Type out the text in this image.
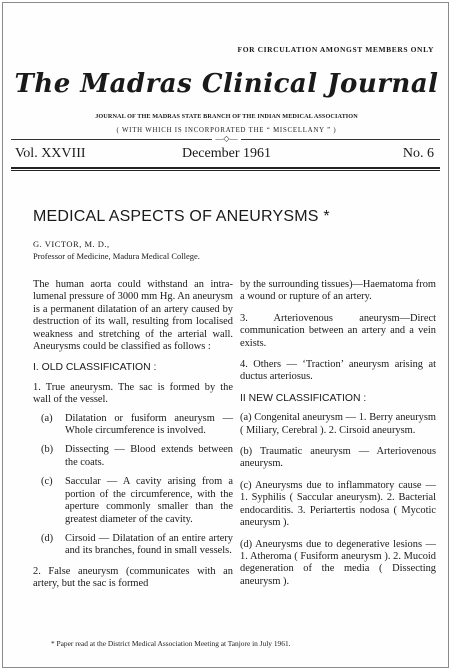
FOR CIRCULATION AMONGST MEMBERS ONLY
The Madras Clinical Journal
JOURNAL OF THE MADRAS STATE BRANCH OF THE INDIAN MEDICAL ASSOCIATION
( WITH WHICH IS INCORPORATED THE “ MISCELLANY ” )
—◇—
Vol. XXVIII	December 1961	No. 6
MEDICAL ASPECTS OF ANEURYSMS *
G. VICTOR, M. D.,
Professor of Medicine, Madura Medical College.

The human aorta could withstand an intra-lumenal pressure of 3000 mm Hg. An aneurysm is a permanent dilatation of an artery caused by destruction of its wall, resulting from localised weakness and stretching of the arterial wall. Aneurysms could be classified as follows :

I. OLD CLASSIFICATION :

1. True aneurysm. The sac is formed by the wall of the vessel.

(a)	Dilatation or fusiform aneurysm — Whole circumference is involved.
(b)	Dissecting — Blood extends between the coats.
(c)	Saccular — A cavity arising from a portion of the circumference, with the aperture commonly smaller than the greatest diameter of the cavity.
(d)	Cirsoid — Dilatation of an entire artery and its branches, found in small vessels.

2. False aneurysm (communicates with an artery, but the sac is formed

by the surrounding tissues)—Haematoma from a wound or rupture of an artery.

3. Arteriovenous aneurysm—Direct communication between an artery and a vein exists.

4. Others — ‘Traction’ aneurysm arising at ductus arteriosus.

II NEW CLASSIFICATION :

(a) Congenital aneurysm — 1. Berry aneurysm ( Miliary, Cerebral ). 2. Cirsoid aneurysm.

(b) Traumatic aneurysm — Arteriovenous aneurysm.

(c) Aneurysms due to inflammatory cause — 1. Syphilis ( Saccular aneurysm). 2. Bacterial endocarditis. 3. Periartertis nodosa ( Mycotic aneurysm ).

(d) Aneurysms due to degenerative lesions — 1. Atheroma ( Fusiform aneurysm ). 2. Mucoid degeneration of the media ( Dissecting aneurysm ).

* Paper read at the District Medical Association Meeting at Tanjore in July 1961.
